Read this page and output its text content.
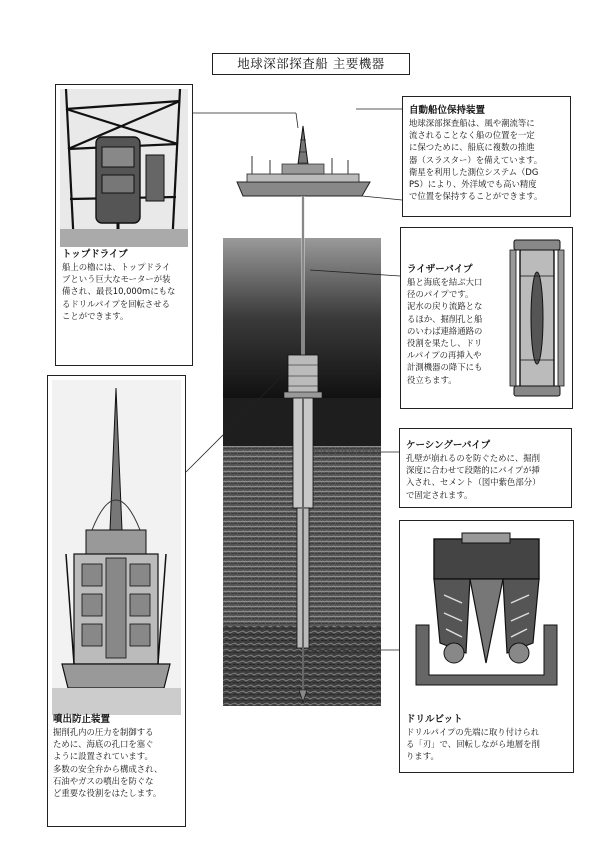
地球深部探査船 主要機器
トップドライブ

船上の櫓には、トップドライ

ブという巨大なモーターが装

備され、最長10,000mにもな

るドリルパイプを回転させる

ことができます。

噴出防止装置

掘削孔内の圧力を制御する

ために、海底の孔口を塞ぐ

ように設置されています。

多数の安全弁から構成され、

石油やガスの噴出を防ぐな

ど重要な役割をはたします。

自動船位保持装置

地球深部探査船は、風や潮流等に

流されることなく船の位置を一定

に保つために、船底に複数の推進

器（スラスター）を備えています。

衛星を利用した測位システム（DG

PS）により、外洋域でも高い精度

で位置を保持することができます。

ライザーパイプ

船と海底を結ぶ大口

径のパイプです。

泥水の戻り流路とな

るほか、掘削孔と船

のいわば連絡通路の

役割を果たし、ドリ

ルパイプの再挿入や

計測機器の降下にも

役立ちます。

ケーシングーパイプ

孔壁が崩れるのを防ぐために、掘削

深度に合わせて段階的にパイプが挿

入され、セメント（図中紫色部分）

で固定されます。

ドリルビット

ドリルパイプの先端に取り付けられ

る「刃」で、回転しながら地層を削

ります。
